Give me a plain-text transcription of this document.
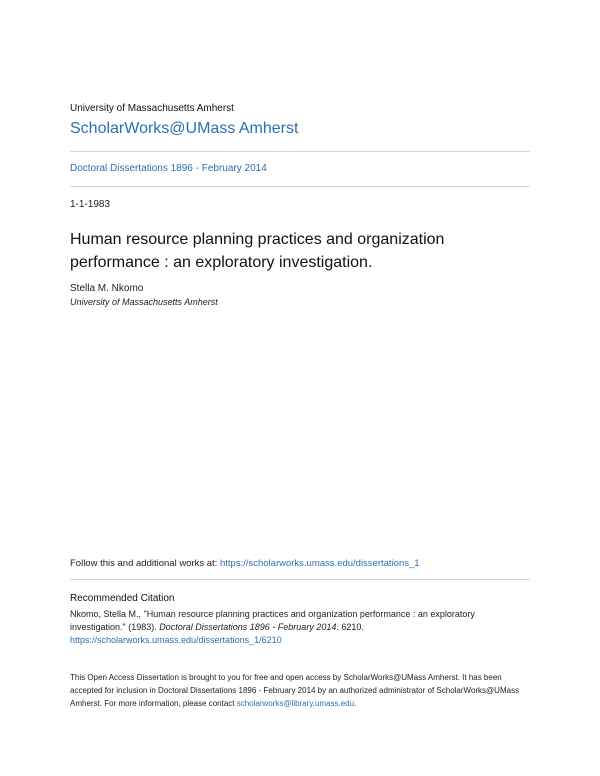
University of Massachusetts Amherst
ScholarWorks@UMass Amherst
Doctoral Dissertations 1896 - February 2014
1-1-1983
Human resource planning practices and organization performance : an exploratory investigation.
Stella M. Nkomo
University of Massachusetts Amherst
Follow this and additional works at: https://scholarworks.umass.edu/dissertations_1
Recommended Citation
Nkomo, Stella M., "Human resource planning practices and organization performance : an exploratory investigation." (1983). Doctoral Dissertations 1896 - February 2014. 6210.
https://scholarworks.umass.edu/dissertations_1/6210
This Open Access Dissertation is brought to you for free and open access by ScholarWorks@UMass Amherst. It has been accepted for inclusion in Doctoral Dissertations 1896 - February 2014 by an authorized administrator of ScholarWorks@UMass Amherst. For more information, please contact scholarworks@library.umass.edu.
